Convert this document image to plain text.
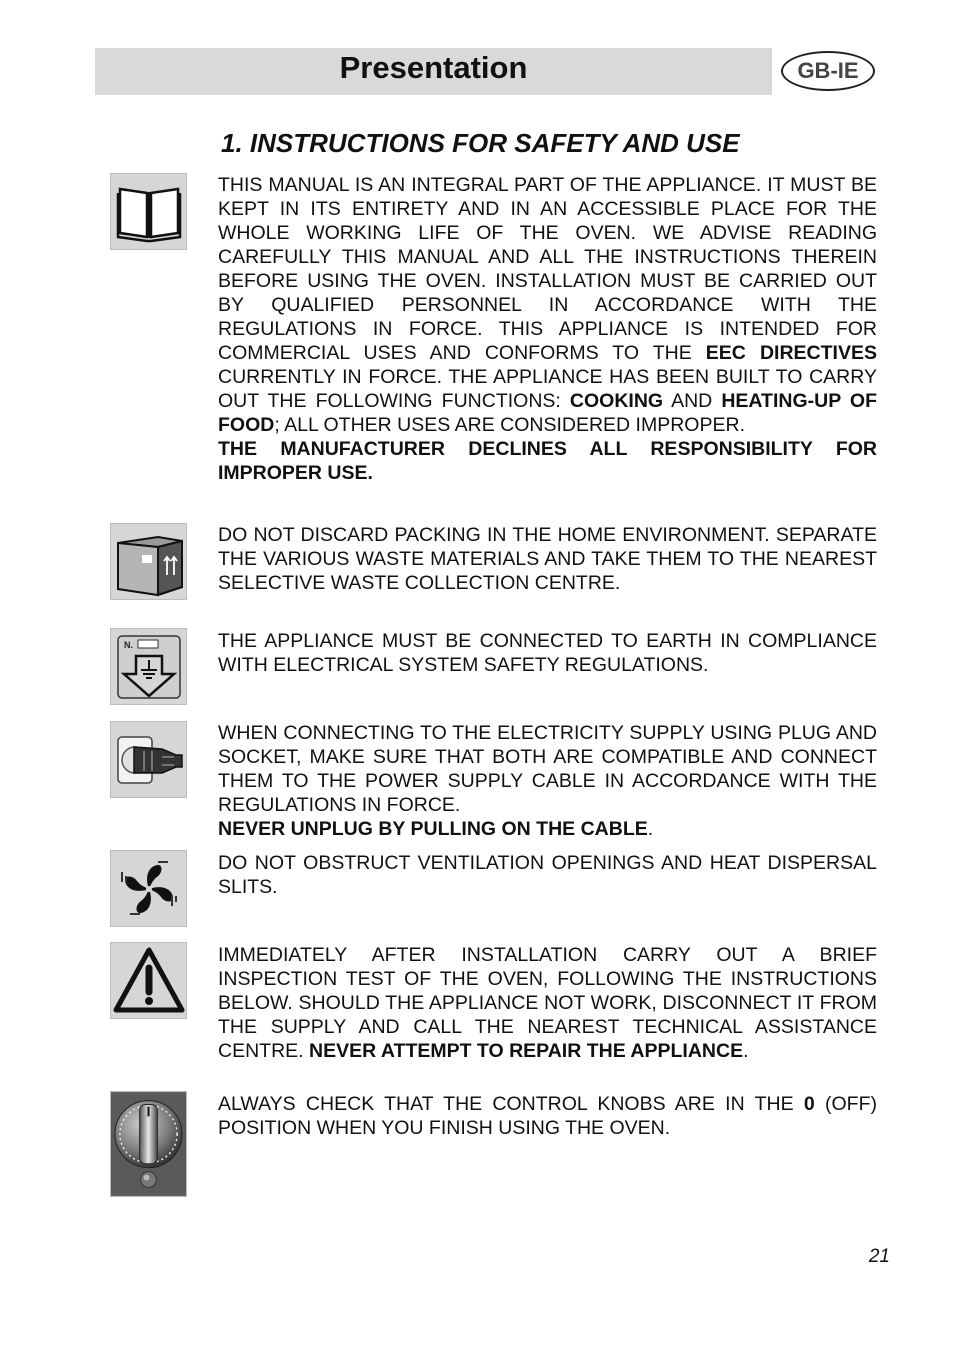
Presentation	GB-IE
1. INSTRUCTIONS FOR SAFETY AND USE

THIS MANUAL IS AN INTEGRAL PART OF THE APPLIANCE. IT MUST BE KEPT IN ITS ENTIRETY AND IN AN ACCESSIBLE PLACE FOR THE WHOLE WORKING LIFE OF THE OVEN. WE ADVISE READING CAREFULLY THIS MANUAL AND ALL THE INSTRUCTIONS THEREIN BEFORE USING THE OVEN. INSTALLATION MUST BE CARRIED OUT BY QUALIFIED PERSONNEL IN ACCORDANCE WITH THE REGULATIONS IN FORCE. THIS APPLIANCE IS INTENDED FOR COMMERCIAL USES AND CONFORMS TO THE EEC DIRECTIVES CURRENTLY IN FORCE. THE APPLIANCE HAS BEEN BUILT TO CARRY OUT THE FOLLOWING FUNCTIONS: COOKING AND HEATING-UP OF FOOD; ALL OTHER USES ARE CONSIDERED IMPROPER.

THE MANUFACTURER DECLINES ALL RESPONSIBILITY FOR IMPROPER USE.

DO NOT DISCARD PACKING IN THE HOME ENVIRONMENT. SEPARATE THE VARIOUS WASTE MATERIALS AND TAKE THEM TO THE NEAREST SELECTIVE WASTE COLLECTION CENTRE.

N.	THE APPLIANCE MUST BE CONNECTED TO EARTH IN COMPLIANCE WITH ELECTRICAL SYSTEM SAFETY REGULATIONS.

WHEN CONNECTING TO THE ELECTRICITY SUPPLY USING PLUG AND SOCKET, MAKE SURE THAT BOTH ARE COMPATIBLE AND CONNECT THEM TO THE POWER SUPPLY CABLE IN ACCORDANCE WITH THE REGULATIONS IN FORCE.

NEVER UNPLUG BY PULLING ON THE CABLE.

DO NOT OBSTRUCT VENTILATION OPENINGS AND HEAT DISPERSAL SLITS.

IMMEDIATELY AFTER INSTALLATION CARRY OUT A BRIEF INSPECTION TEST OF THE OVEN, FOLLOWING THE INSTRUCTIONS BELOW. SHOULD THE APPLIANCE NOT WORK, DISCONNECT IT FROM THE SUPPLY AND CALL THE NEAREST TECHNICAL ASSISTANCE CENTRE. NEVER ATTEMPT TO REPAIR THE APPLIANCE.

ALWAYS CHECK THAT THE CONTROL KNOBS ARE IN THE 0 (OFF) POSITION WHEN YOU FINISH USING THE OVEN.

21
